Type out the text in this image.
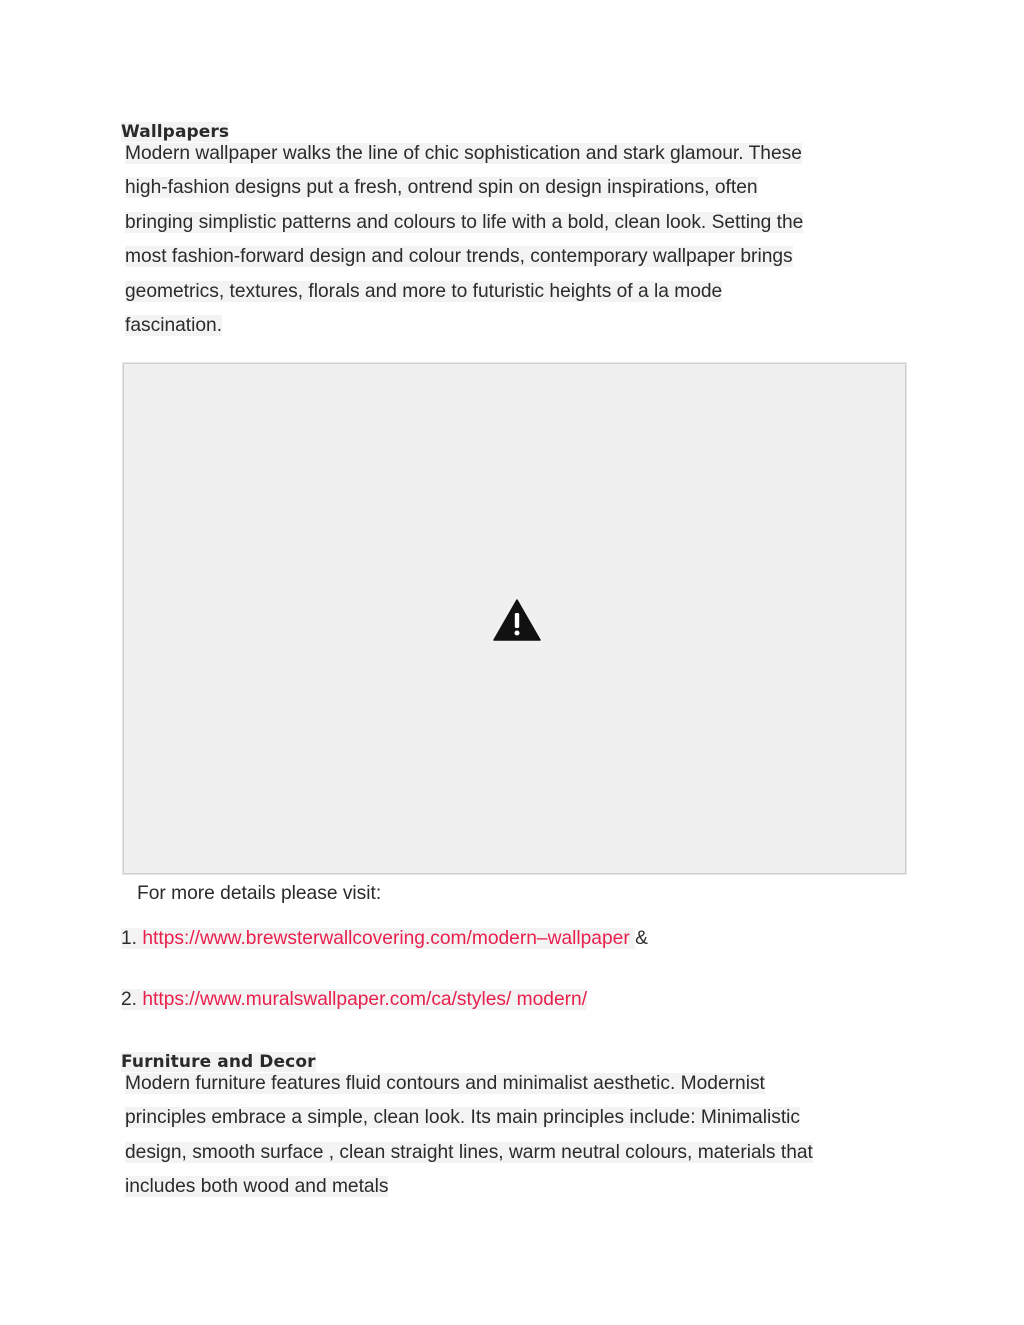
Wallpapers
Modern wallpaper walks the line of chic sophistication and stark glamour. These
high-fashion designs put a fresh, ontrend spin on design inspirations, often
bringing simplistic patterns and colours to life with a bold, clean look. Setting the
most fashion-forward design and colour trends, contemporary wallpaper brings
geometrics, textures, florals and more to futuristic heights of a la mode
fascination.
For more details please visit:
1. https://www.brewsterwallcovering.com/modern–wallpaper &
2. https://www.muralswallpaper.com/ca/styles/ modern/
Furniture and Decor
Modern furniture features fluid contours and minimalist aesthetic. Modernist
principles embrace a simple, clean look. Its main principles include: Minimalistic
design, smooth surface , clean straight lines, warm neutral colours, materials that
includes both wood and metals
